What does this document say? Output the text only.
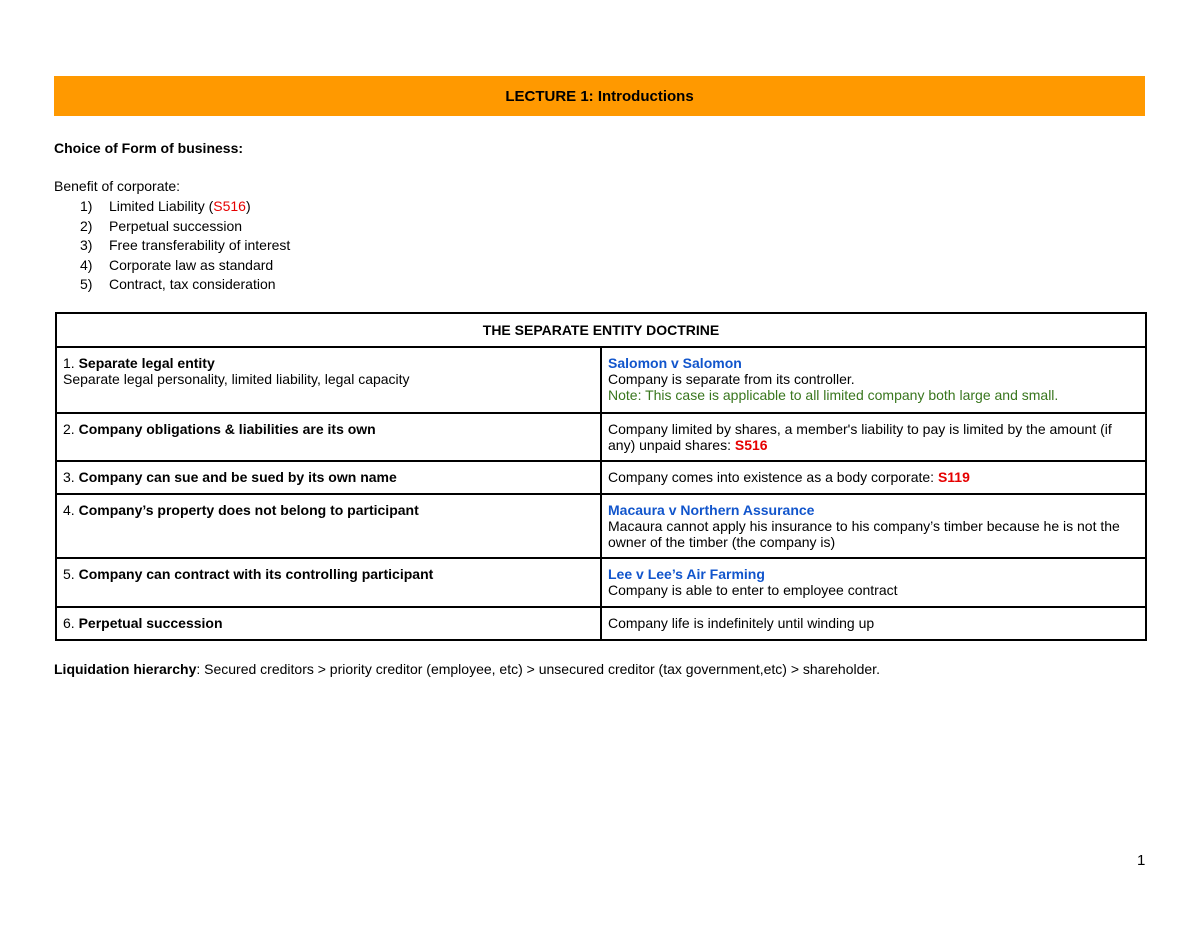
LECTURE 1: Introductions
Choice of Form of business:
Benefit of corporate:
1) Limited Liability (S516)
2) Perpetual succession
3) Free transferability of interest
4) Corporate law as standard
5) Contract, tax consideration
THE SEPARATE ENTITY DOCTRINE	
1. Separate legal entity
Separate legal personality, limited liability, legal capacity	Salomon v Salomon
Company is separate from its controller.
Note: This case is applicable to all limited company both large and small.
2. Company obligations & liabilities are its own	Company limited by shares, a member's liability to pay is limited by the amount (if any) unpaid shares: S516
3. Company can sue and be sued by its own name	Company comes into existence as a body corporate: S119
4. Company’s property does not belong to participant	Macaura v Northern Assurance
Macaura cannot apply his insurance to his company’s timber because he is not the owner of the timber (the company is)
5. Company can contract with its controlling participant	Lee v Lee’s Air Farming
Company is able to enter to employee contract
6. Perpetual succession	Company life is indefinitely until winding up
Liquidation hierarchy: Secured creditors > priority creditor (employee, etc) > unsecured creditor (tax government,etc) > shareholder.
1
